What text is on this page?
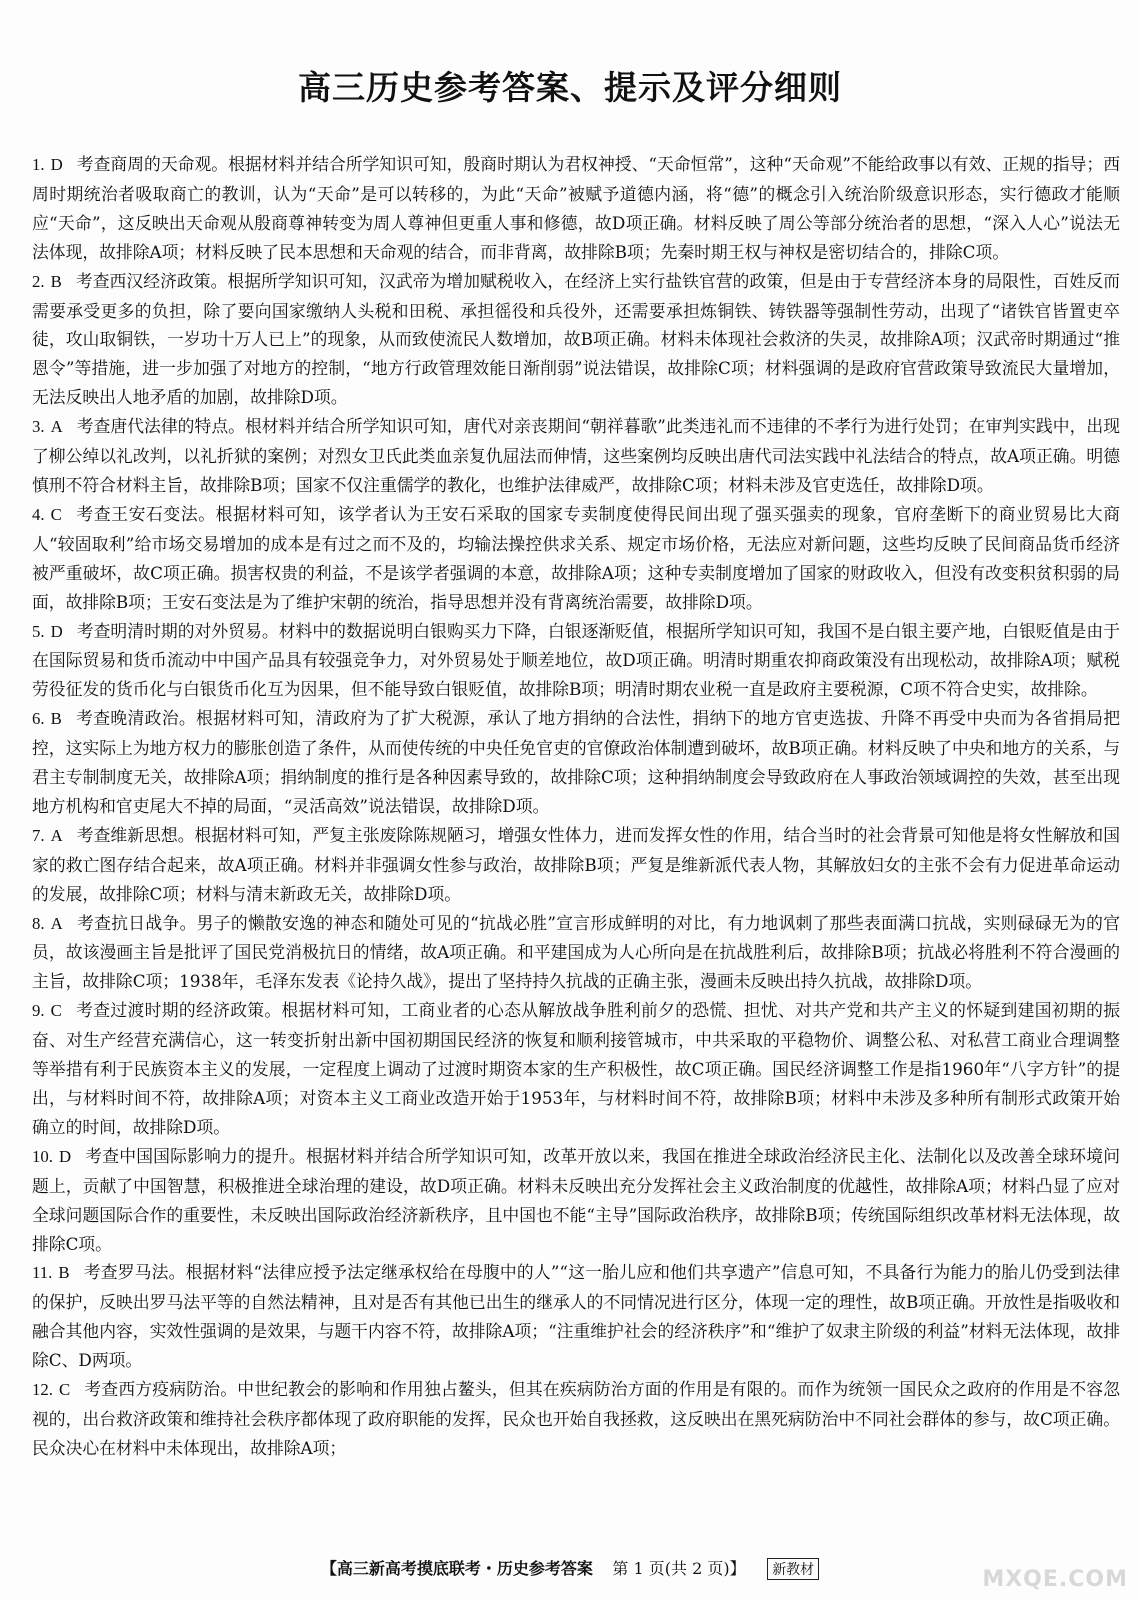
高三历史参考答案、提示及评分细则

1. D 考查商周的天命观。根据材料并结合所学知识可知，殷商时期认为君权神授、“天命恒常”，这种“天命观”不能给政事以有效、正规的指导；西周时期统治者吸取商亡的教训，认为“天命”是可以转移的，为此“天命”被赋予道德内涵，将“德”的概念引入统治阶级意识形态，实行德政才能顺应“天命”，这反映出天命观从殷商尊神转变为周人尊神但更重人事和修德，故D项正确。材料反映了周公等部分统治者的思想，“深入人心”说法无法体现，故排除A项；材料反映了民本思想和天命观的结合，而非背离，故排除B项；先秦时期王权与神权是密切结合的，排除C项。

2. B 考查西汉经济政策。根据所学知识可知，汉武帝为增加赋税收入，在经济上实行盐铁官营的政策，但是由于专营经济本身的局限性，百姓反而需要承受更多的负担，除了要向国家缴纳人头税和田税、承担徭役和兵役外，还需要承担炼铜铁、铸铁器等强制性劳动，出现了“诸铁官皆置吏卒徒，攻山取铜铁，一岁功十万人已上”的现象，从而致使流民人数增加，故B项正确。材料未体现社会救济的失灵，故排除A项；汉武帝时期通过“推恩令”等措施，进一步加强了对地方的控制，“地方行政管理效能日渐削弱”说法错误，故排除C项；材料强调的是政府官营政策导致流民大量增加，无法反映出人地矛盾的加剧，故排除D项。

3. A 考查唐代法律的特点。根材料并结合所学知识可知，唐代对亲丧期间“朝祥暮歌”此类违礼而不违律的不孝行为进行处罚；在审判实践中，出现了柳公绰以礼改判，以礼折狱的案例；对烈女卫氏此类血亲复仇屈法而伸情，这些案例均反映出唐代司法实践中礼法结合的特点，故A项正确。明德慎刑不符合材料主旨，故排除B项；国家不仅注重儒学的教化，也维护法律威严，故排除C项；材料未涉及官吏选任，故排除D项。

4. C 考查王安石变法。根据材料可知，该学者认为王安石采取的国家专卖制度使得民间出现了强买强卖的现象，官府垄断下的商业贸易比大商人“较固取利”给市场交易增加的成本是有过之而不及的，均输法操控供求关系、规定市场价格，无法应对新问题，这些均反映了民间商品货币经济被严重破坏，故C项正确。损害权贵的利益，不是该学者强调的本意，故排除A项；这种专卖制度增加了国家的财政收入，但没有改变积贫积弱的局面，故排除B项；王安石变法是为了维护宋朝的统治，指导思想并没有背离统治需要，故排除D项。

5. D 考查明清时期的对外贸易。材料中的数据说明白银购买力下降，白银逐渐贬值，根据所学知识可知，我国不是白银主要产地，白银贬值是由于在国际贸易和货币流动中中国产品具有较强竞争力，对外贸易处于顺差地位，故D项正确。明清时期重农抑商政策没有出现松动，故排除A项；赋税劳役征发的货币化与白银货币化互为因果，但不能导致白银贬值，故排除B项；明清时期农业税一直是政府主要税源，C项不符合史实，故排除。

6. B 考查晚清政治。根据材料可知，清政府为了扩大税源，承认了地方捐纳的合法性，捐纳下的地方官吏选拔、升降不再受中央而为各省捐局把控，这实际上为地方权力的膨胀创造了条件，从而使传统的中央任免官吏的官僚政治体制遭到破坏，故B项正确。材料反映了中央和地方的关系，与君主专制制度无关，故排除A项；捐纳制度的推行是各种因素导致的，故排除C项；这种捐纳制度会导致政府在人事政治领域调控的失效，甚至出现地方机构和官吏尾大不掉的局面，“灵活高效”说法错误，故排除D项。

7. A 考查维新思想。根据材料可知，严复主张废除陈规陋习，增强女性体力，进而发挥女性的作用，结合当时的社会背景可知他是将女性解放和国家的救亡图存结合起来，故A项正确。材料并非强调女性参与政治，故排除B项；严复是维新派代表人物，其解放妇女的主张不会有力促进革命运动的发展，故排除C项；材料与清末新政无关，故排除D项。

8. A 考查抗日战争。男子的懒散安逸的神态和随处可见的“抗战必胜”宣言形成鲜明的对比，有力地讽刺了那些表面满口抗战，实则碌碌无为的官员，故该漫画主旨是批评了国民党消极抗日的情绪，故A项正确。和平建国成为人心所向是在抗战胜利后，故排除B项；抗战必将胜利不符合漫画的主旨，故排除C项；1938年，毛泽东发表《论持久战》，提出了坚持持久抗战的正确主张，漫画未反映出持久抗战，故排除D项。

9. C 考查过渡时期的经济政策。根据材料可知，工商业者的心态从解放战争胜利前夕的恐慌、担忧、对共产党和共产主义的怀疑到建国初期的振奋、对生产经营充满信心，这一转变折射出新中国初期国民经济的恢复和顺利接管城市，中共采取的平稳物价、调整公私、对私营工商业合理调整等举措有利于民族资本主义的发展，一定程度上调动了过渡时期资本家的生产积极性，故C项正确。国民经济调整工作是指1960年“八字方针”的提出，与材料时间不符，故排除A项；对资本主义工商业改造开始于1953年，与材料时间不符，故排除B项；材料中未涉及多种所有制形式政策开始确立的时间，故排除D项。

10. D 考查中国国际影响力的提升。根据材料并结合所学知识可知，改革开放以来，我国在推进全球政治经济民主化、法制化以及改善全球环境问题上，贡献了中国智慧，积极推进全球治理的建设，故D项正确。材料未反映出充分发挥社会主义政治制度的优越性，故排除A项；材料凸显了应对全球问题国际合作的重要性，未反映出国际政治经济新秩序，且中国也不能“主导”国际政治秩序，故排除B项；传统国际组织改革材料无法体现，故排除C项。

11. B 考查罗马法。根据材料“法律应授予法定继承权给在母腹中的人”“这一胎儿应和他们共享遗产”信息可知，不具备行为能力的胎儿仍受到法律的保护，反映出罗马法平等的自然法精神，且对是否有其他已出生的继承人的不同情况进行区分，体现一定的理性，故B项正确。开放性是指吸收和融合其他内容，实效性强调的是效果，与题干内容不符，故排除A项；“注重维护社会的经济秩序”和“维护了奴隶主阶级的利益”材料无法体现，故排除C、D两项。

12. C 考查西方疫病防治。中世纪教会的影响和作用独占鳌头，但其在疾病防治方面的作用是有限的。而作为统领一国民众之政府的作用是不容忽视的，出台救济政策和维持社会秩序都体现了政府职能的发挥，民众也开始自我拯救，这反映出在黑死病防治中不同社会群体的参与，故C项正确。民众决心在材料中未体现出，故排除A项；

【高三新高考摸底联考・历史参考答案 第 1 页(共 2 页)】 新教材	MXQE.COM
